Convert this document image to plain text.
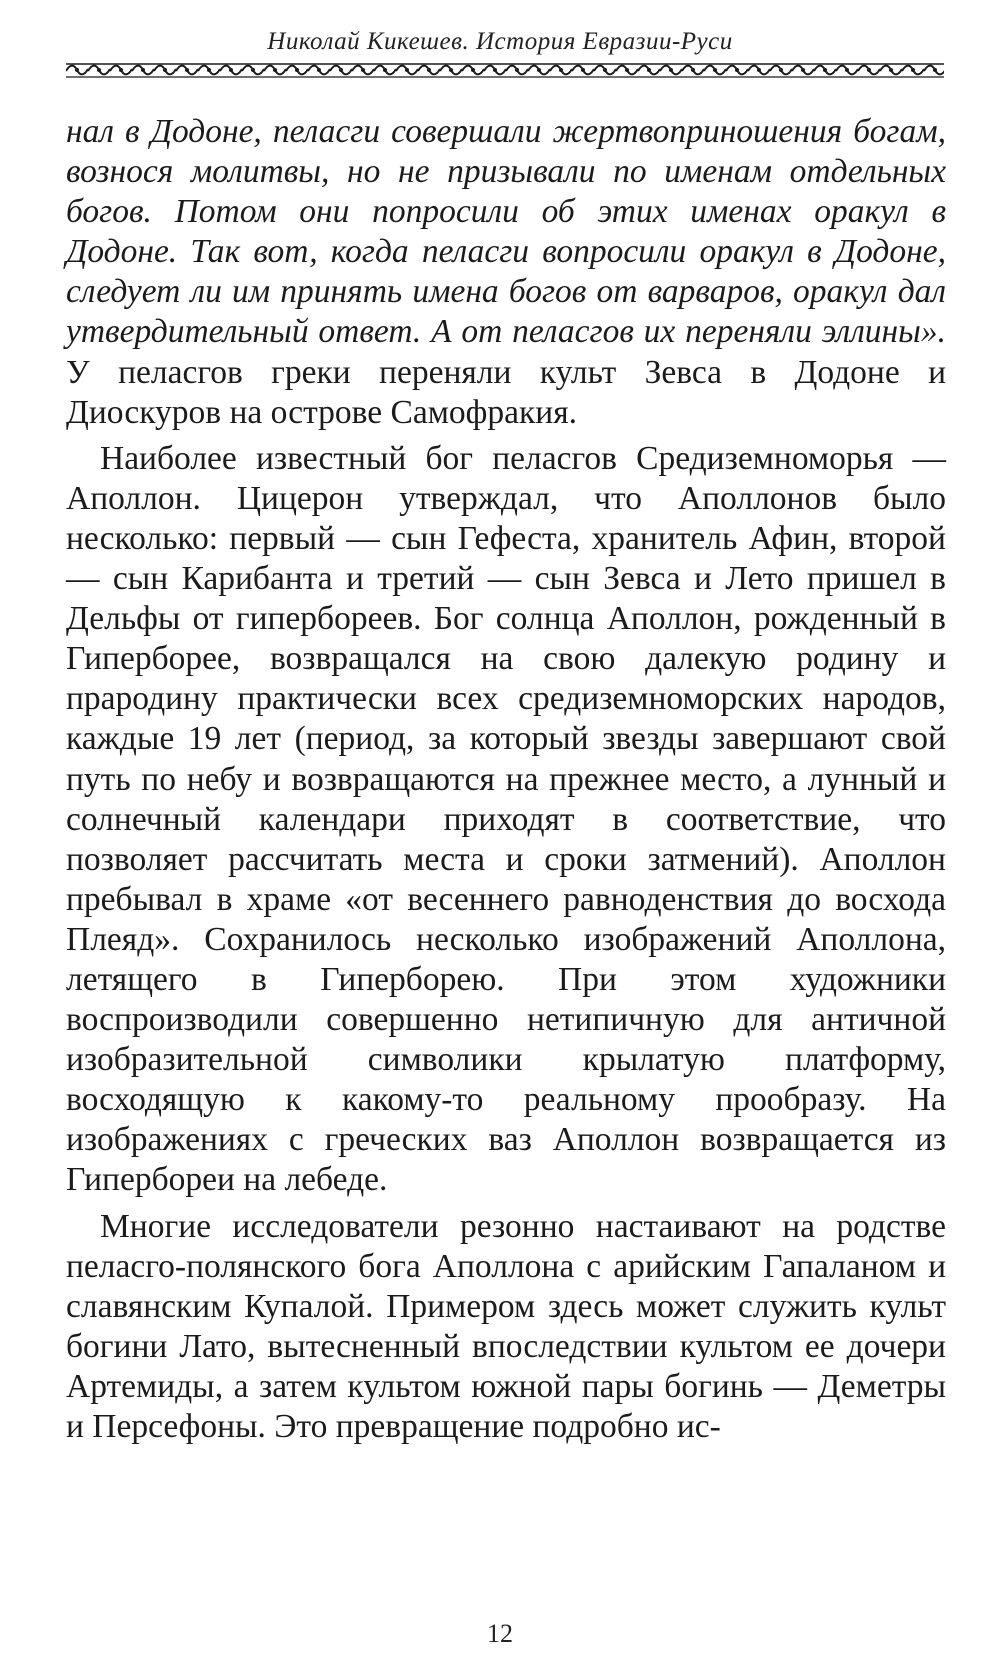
Николай Кикешев. История Евразии-Руси

нал в Додоне, пеласги совершали жертвоприношения богам, вознося молитвы, но не призывали по именам отдельных богов. Потом они попросили об этих именах оракул в Додоне. Так вот, когда пеласги вопросили оракул в Додоне, следует ли им принять имена богов от варваров, оракул дал утвердительный ответ. А от пеласгов их переняли эллины». У пеласгов греки переняли культ Зевса в Додоне и Диоскуров на острове Самофракия.

Наиболее известный бог пеласгов Средиземноморья — Аполлон. Цицерон утверждал, что Аполлонов было несколько: первый — сын Гефеста, хранитель Афин, второй — сын Карибанта и третий — сын Зевса и Лето пришел в Дельфы от гипербореев. Бог солнца Аполлон, рожденный в Гиперборее, возвращался на свою далекую родину и прародину практически всех средиземноморских народов, каждые 19 лет (период, за который звезды завершают свой путь по небу и возвращаются на прежнее место, а лунный и солнечный календари приходят в соответствие, что позволяет рассчитать места и сроки затмений). Аполлон пребывал в храме «от весеннего равноденствия до восхода Плеяд». Сохранилось несколько изображений Аполлона, летящего в Гиперборею. При этом художники воспроизводили совершенно нетипичную для античной изобразительной символики крылатую платформу, восходящую к какому-то реальному прообразу. На изображениях с греческих ваз Аполлон возвращается из Гипербореи на лебеде.

Многие исследователи резонно настаивают на родстве пеласго-полянского бога Аполлона с арийским Гапаланом и славянским Купалой. Примером здесь может служить культ богини Лато, вытесненный впоследствии культом ее дочери Артемиды, а затем культом южной пары богинь — Деметры и Персефоны. Это превращение подробно ис-

12
